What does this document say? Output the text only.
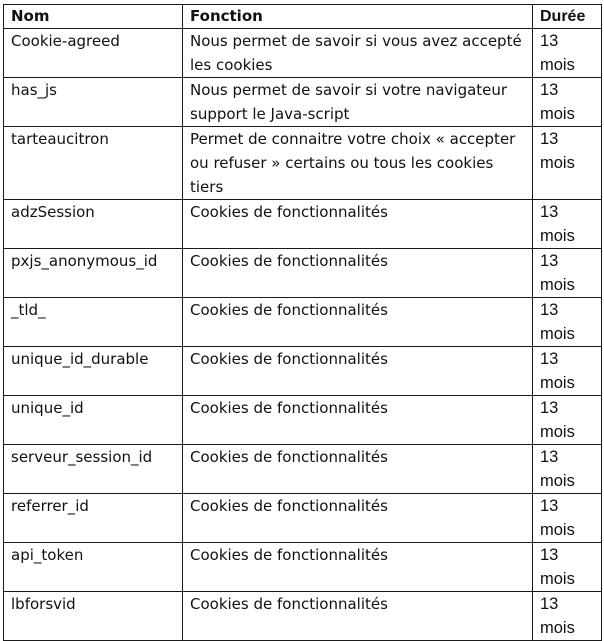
Nom	Fonction	Durée
Cookie-agreed	Nous permet de savoir si vous avez accepté les cookies	13
mois

has_js	Nous permet de savoir si votre navigateur support le Java-script	13
mois

tarteaucitron	Permet de connaitre votre choix « accepter ou refuser » certains ou tous les cookies tiers	13
mois

adzSession	Cookies de fonctionnalités	13
mois

pxjs_anonymous_id	Cookies de fonctionnalités	13
mois

_tld_	Cookies de fonctionnalités	13
mois

unique_id_durable	Cookies de fonctionnalités	13
mois

unique_id	Cookies de fonctionnalités	13
mois

serveur_session_id	Cookies de fonctionnalités	13
mois

referrer_id	Cookies de fonctionnalités	13
mois

api_token	Cookies de fonctionnalités	13
mois

lbforsvid	Cookies de fonctionnalités	13
mois
